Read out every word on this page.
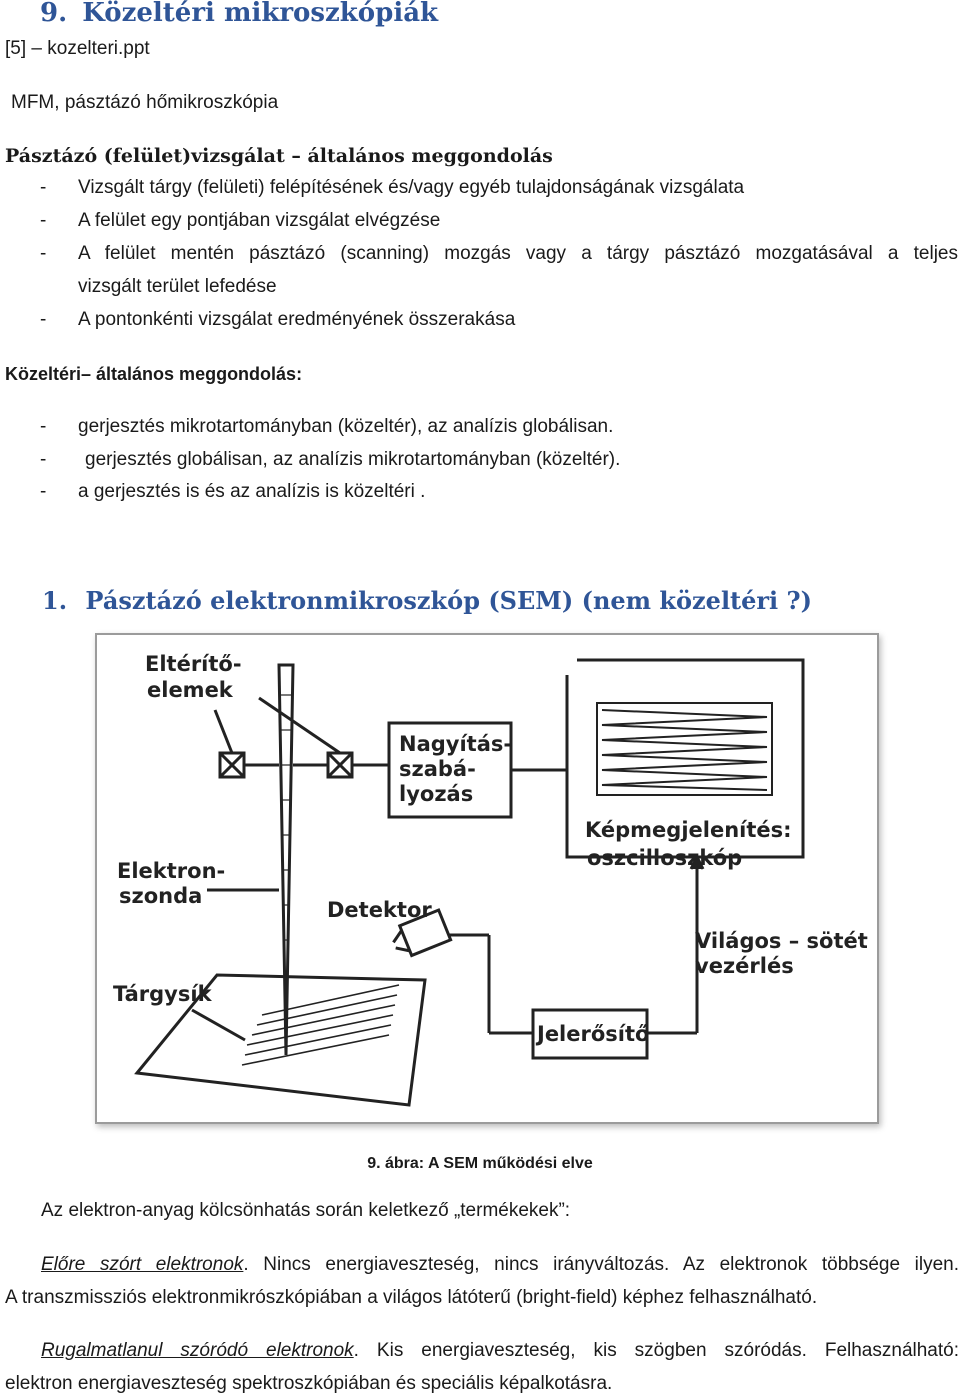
9. Közeltéri mikroszkópiák
[5] – kozelteri.ppt
MFM, pásztázó hőmikroszkópia
Pásztázó (felület)vizsgálat – általános meggondolás
- Vizsgált tárgy (felületi) felépítésének és/vagy egyéb tulajdonságának vizsgálata
- A felület egy pontjában vizsgálat elvégzése
-	A felület mentén pásztázó (scanning) mozgás vagy a tárgy pásztázó mozgatásával a teljes
vizsgált terület lefedése
- A pontonkénti vizsgálat eredményének összerakása
Közeltéri– általános meggondolás:
- gerjesztés mikrotartományban (közeltér), az analízis globálisan.
- gerjesztés globálisan, az analízis mikrotartományban (közeltér).
- a gerjesztés is és az analízis is közeltéri .
1. Pásztázó elektronmikroszkóp (SEM) (nem közeltéri ?)
Eltérítő-
elemek
Nagyítás-
szabá-
lyozás
Képmegjelenítés:
oszcilloszkóp
Elektron-
szonda
Detektor
Világos – sötét
vezérlés
Tárgysík
Jelerősítő
9. ábra: A SEM működési elve
Az elektron-anyag kölcsönhatás során keletkező „termékekek”:
Előre szórt elektronok. Nincs energiaveszteség, nincs irányváltozás. Az elektronok többsége ilyen.
A transzmissziós elektronmikrószkópiában a világos látóterű (bright-field) képhez felhasználható.
Rugalmatlanul szóródó elektronok. Kis energiaveszteség, kis szögben szóródás. Felhasználható:
elektron energiaveszteség spektroszkópiában és speciális képalkotásra.
